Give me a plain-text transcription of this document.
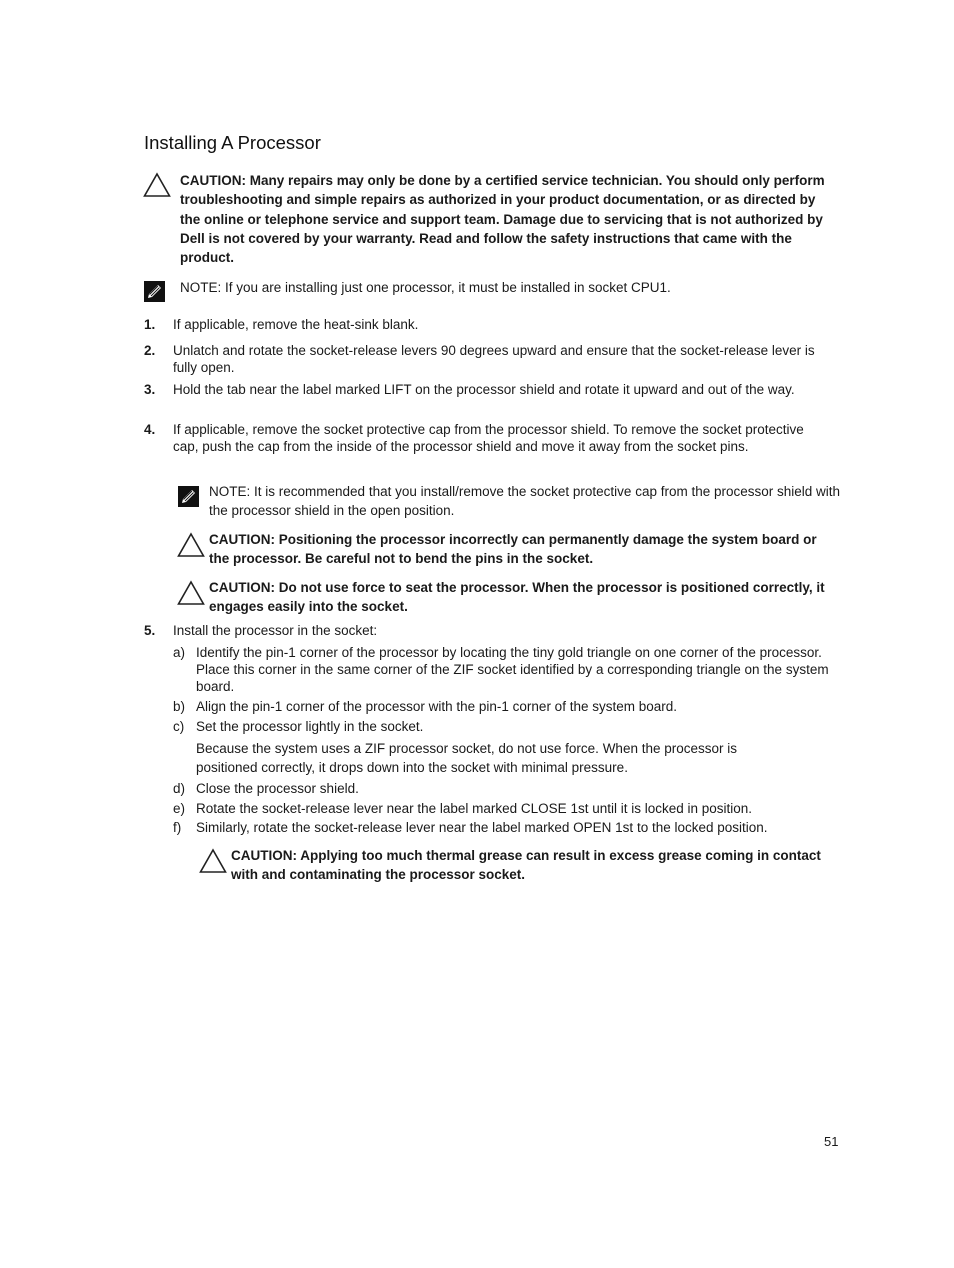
Installing A Processor
CAUTION: Many repairs may only be done by a certified service technician. You should only perform troubleshooting and simple repairs as authorized in your product documentation, or as directed by the online or telephone service and support team. Damage due to servicing that is not authorized by Dell is not covered by your warranty. Read and follow the safety instructions that came with the product.
NOTE: If you are installing just one processor, it must be installed in socket CPU1.
1. If applicable, remove the heat-sink blank.
2. Unlatch and rotate the socket-release levers 90 degrees upward and ensure that the socket-release lever is fully open.
3. Hold the tab near the label marked LIFT on the processor shield and rotate it upward and out of the way.
4. If applicable, remove the socket protective cap from the processor shield. To remove the socket protective cap, push the cap from the inside of the processor shield and move it away from the socket pins.
NOTE: It is recommended that you install/remove the socket protective cap from the processor shield with the processor shield in the open position.
CAUTION: Positioning the processor incorrectly can permanently damage the system board or the processor. Be careful not to bend the pins in the socket.
CAUTION: Do not use force to seat the processor. When the processor is positioned correctly, it engages easily into the socket.
5. Install the processor in the socket:
a) Identify the pin-1 corner of the processor by locating the tiny gold triangle on one corner of the processor. Place this corner in the same corner of the ZIF socket identified by a corresponding triangle on the system board.
b) Align the pin-1 corner of the processor with the pin-1 corner of the system board.
c) Set the processor lightly in the socket.
Because the system uses a ZIF processor socket, do not use force. When the processor is positioned correctly, it drops down into the socket with minimal pressure.
d) Close the processor shield.
e) Rotate the socket-release lever near the label marked CLOSE 1st until it is locked in position.
f) Similarly, rotate the socket-release lever near the label marked OPEN 1st to the locked position.
CAUTION: Applying too much thermal grease can result in excess grease coming in contact with and contaminating the processor socket.
51
